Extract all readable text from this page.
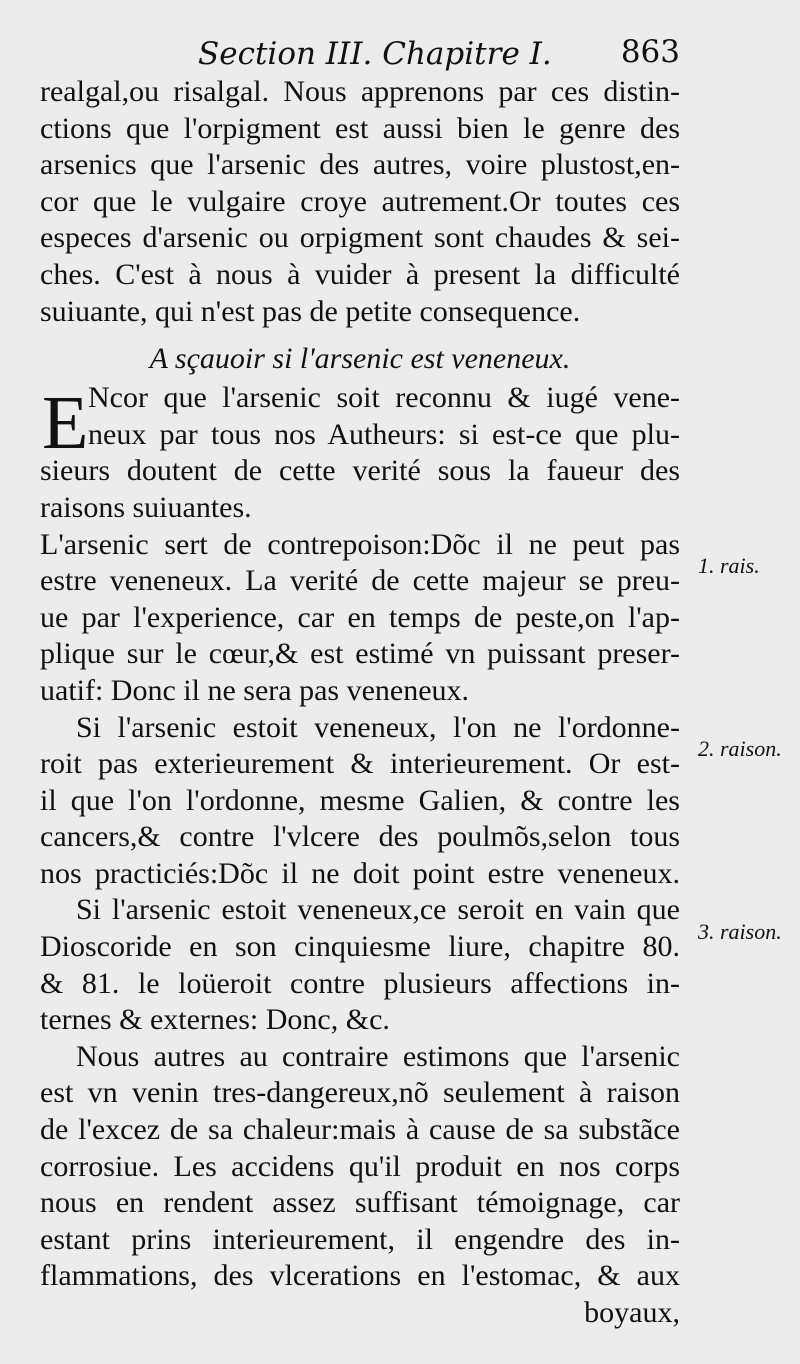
Section III. Chapitre I. 863
realgal,ou risalgal. Nous apprenons par ces distin-
ctions que l'orpigment est aussi bien le genre des
arsenics que l'arsenic des autres, voire plustost,en-
cor que le vulgaire croye autrement.Or toutes ces
especes d'arsenic ou orpigment sont chaudes & sei-
ches. C'est à nous à vuider à present la difficulté
suiuante, qui n'est pas de petite consequence.
A sçauoir si l'arsenic est veneneux.
E Ncor que l'arsenic soit reconnu & iugé vene-
neux par tous nos Autheurs: si est-ce que plu-
sieurs doutent de cette verité sous la faueur des
raisons suiuantes.
L'arsenic sert de contrepoison:Dõc il ne peut pas
estre veneneux. La verité de cette majeur se preu-
ue par l'experience, car en temps de peste,on l'ap-
plique sur le cœur,& est estimé vn puissant preser-
uatif: Donc il ne sera pas veneneux.
Si l'arsenic estoit veneneux, l'on ne l'ordonne-
roit pas exterieurement & interieurement. Or est-
il que l'on l'ordonne, mesme Galien, & contre les
cancers,& contre l'vlcere des poulmõs,selon tous
nos practiciés:Dõc il ne doit point estre veneneux.
Si l'arsenic estoit veneneux,ce seroit en vain que
Dioscoride en son cinquiesme liure, chapitre 80.
& 81. le loüeroit contre plusieurs affections in-
ternes & externes: Donc, &c.
Nous autres au contraire estimons que l'arsenic
est vn venin tres-dangereux,nõ seulement à raison
de l'excez de sa chaleur:mais à cause de sa substãce
corrosiue. Les accidens qu'il produit en nos corps
nous en rendent assez suffisant témoignage, car
estant prins interieurement, il engendre des in-
flammations, des vlcerations en l'estomac, & aux
boyaux,
1. rais.
2. raison.
3. raison.
